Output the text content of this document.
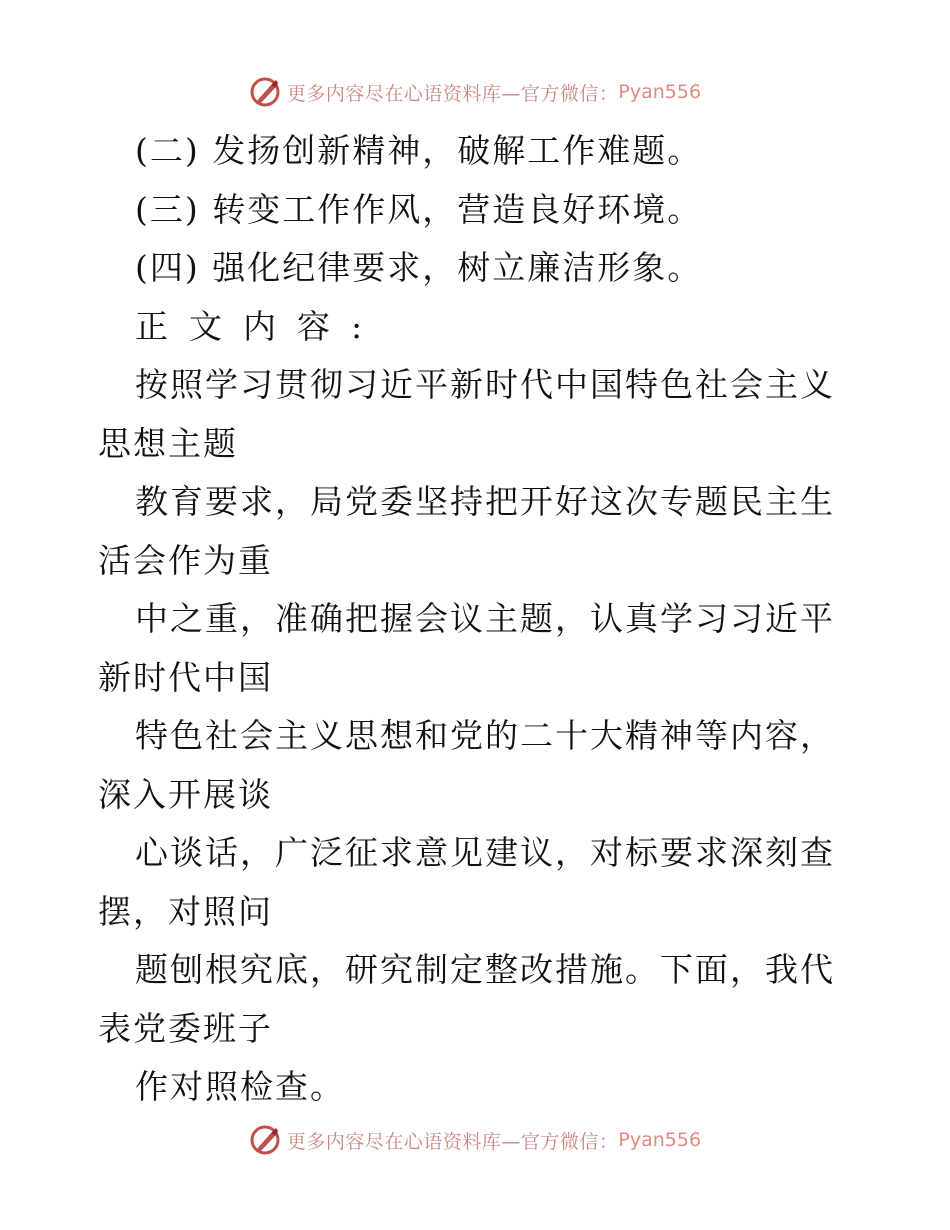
更多内容尽在心语资料库—官方微信： Pyan556

(二) 发扬创新精神，破解工作难题。

(三) 转变工作作风，营造良好环境。

(四) 强化纪律要求，树立廉洁形象。

正文内容:

按照学习贯彻习近平新时代中国特色社会主义思想主题

教育要求，局党委坚持把开好这次专题民主生活会作为重

中之重，准确把握会议主题，认真学习习近平新时代中国

特色社会主义思想和党的二十大精神等内容，深入开展谈

心谈话，广泛征求意见建议，对标要求深刻查摆，对照问

题刨根究底，研究制定整改措施。下面，我代表党委班子

作对照检查。

更多内容尽在心语资料库—官方微信： Pyan556
